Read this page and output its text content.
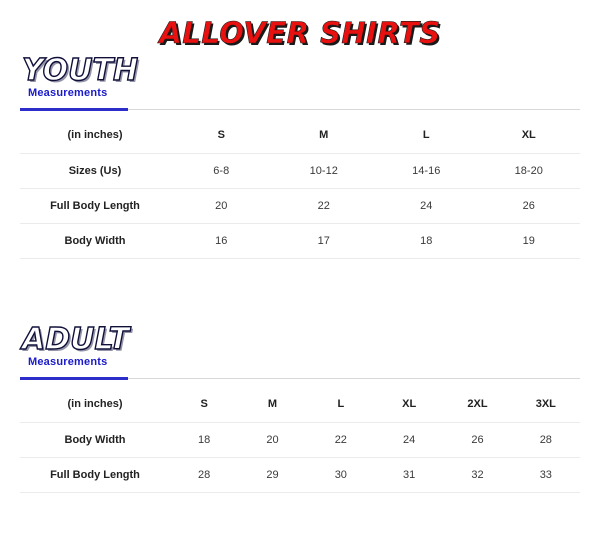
ALLOVER SHIRTS
YOUTH
Measurements
(in inches)	S	M	L	XL
Sizes (Us)	6-8	10-12	14-16	18-20
Full Body Length	20	22	24	26
Body Width	16	17	18	19
ADULT
Measurements
(in inches)	S	M	L	XL	2XL	3XL
Body Width	18	20	22	24	26	28
Full Body Length	28	29	30	31	32	33
